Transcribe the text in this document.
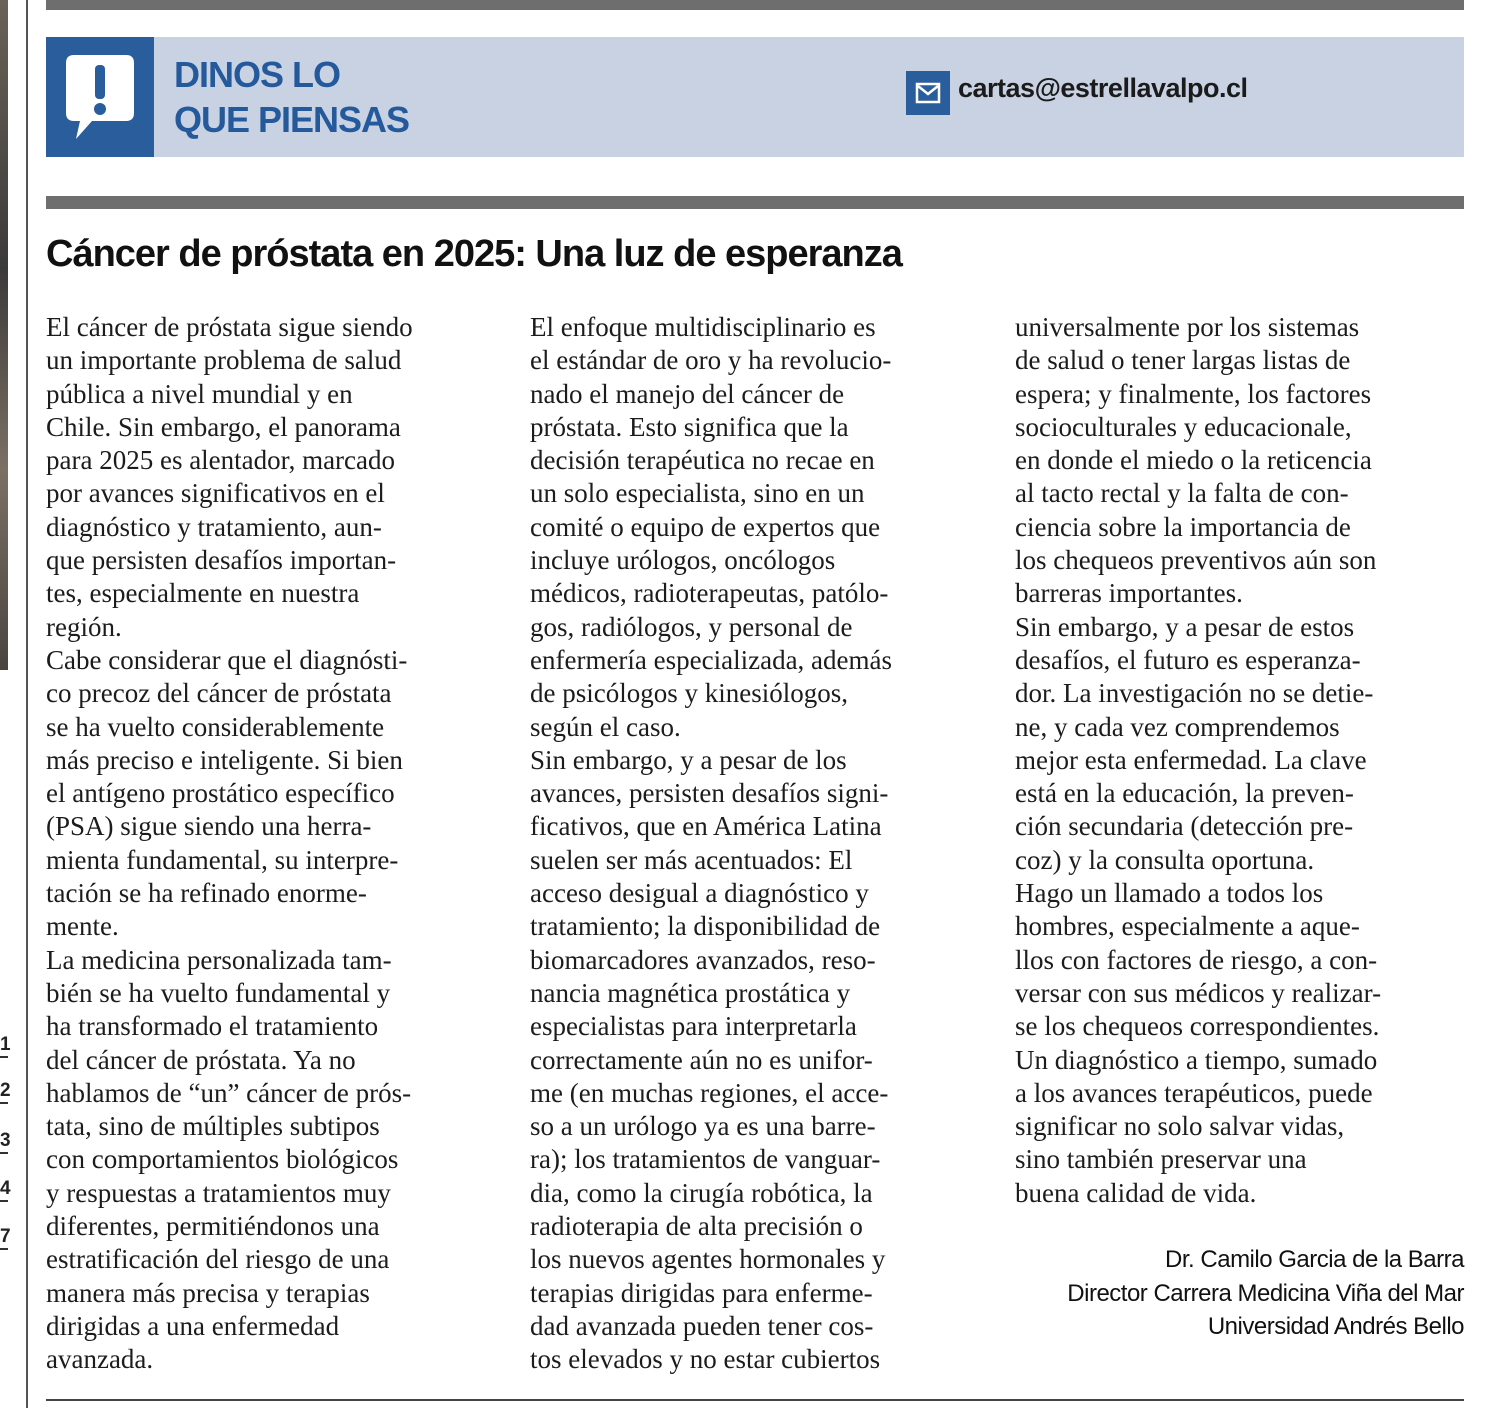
1
2
3
4
7
DINOS LO
QUE PIENSAS
cartas@estrellavalpo.cl
Cáncer de próstata en 2025: Una luz de esperanza
El cáncer de próstata sigue siendo
un importante problema de salud
pública a nivel mundial y en
Chile. Sin embargo, el panorama
para 2025 es alentador, marcado
por avances significativos en el
diagnóstico y tratamiento, aun-
que persisten desafíos importan-
tes, especialmente en nuestra
región.
Cabe considerar que el diagnósti-
co precoz del cáncer de próstata
se ha vuelto considerablemente
más preciso e inteligente. Si bien
el antígeno prostático específico
(PSA) sigue siendo una herra-
mienta fundamental, su interpre-
tación se ha refinado enorme-
mente.
La medicina personalizada tam-
bién se ha vuelto fundamental y
ha transformado el tratamiento
del cáncer de próstata. Ya no
hablamos de “un” cáncer de prós-
tata, sino de múltiples subtipos
con comportamientos biológicos
y respuestas a tratamientos muy
diferentes, permitiéndonos una
estratificación del riesgo de una
manera más precisa y terapias
dirigidas a una enfermedad
avanzada.
El enfoque multidisciplinario es
el estándar de oro y ha revolucio-
nado el manejo del cáncer de
próstata. Esto significa que la
decisión terapéutica no recae en
un solo especialista, sino en un
comité o equipo de expertos que
incluye urólogos, oncólogos
médicos, radioterapeutas, patólo-
gos, radiólogos, y personal de
enfermería especializada, además
de psicólogos y kinesiólogos,
según el caso.
Sin embargo, y a pesar de los
avances, persisten desafíos signi-
ficativos, que en América Latina
suelen ser más acentuados: El
acceso desigual a diagnóstico y
tratamiento; la disponibilidad de
biomarcadores avanzados, reso-
nancia magnética prostática y
especialistas para interpretarla
correctamente aún no es unifor-
me (en muchas regiones, el acce-
so a un urólogo ya es una barre-
ra); los tratamientos de vanguar-
dia, como la cirugía robótica, la
radioterapia de alta precisión o
los nuevos agentes hormonales y
terapias dirigidas para enferme-
dad avanzada pueden tener cos-
tos elevados y no estar cubiertos
universalmente por los sistemas
de salud o tener largas listas de
espera; y finalmente, los factores
socioculturales y educacionale,
en donde el miedo o la reticencia
al tacto rectal y la falta de con-
ciencia sobre la importancia de
los chequeos preventivos aún son
barreras importantes.
Sin embargo, y a pesar de estos
desafíos, el futuro es esperanza-
dor. La investigación no se detie-
ne, y cada vez comprendemos
mejor esta enfermedad. La clave
está en la educación, la preven-
ción secundaria (detección pre-
coz) y la consulta oportuna.
Hago un llamado a todos los
hombres, especialmente a aque-
llos con factores de riesgo, a con-
versar con sus médicos y realizar-
se los chequeos correspondientes.
Un diagnóstico a tiempo, sumado
a los avances terapéuticos, puede
significar no solo salvar vidas,
sino también preservar una
buena calidad de vida.
Dr. Camilo Garcia de la Barra
Director Carrera Medicina Viña del Mar
Universidad Andrés Bello
